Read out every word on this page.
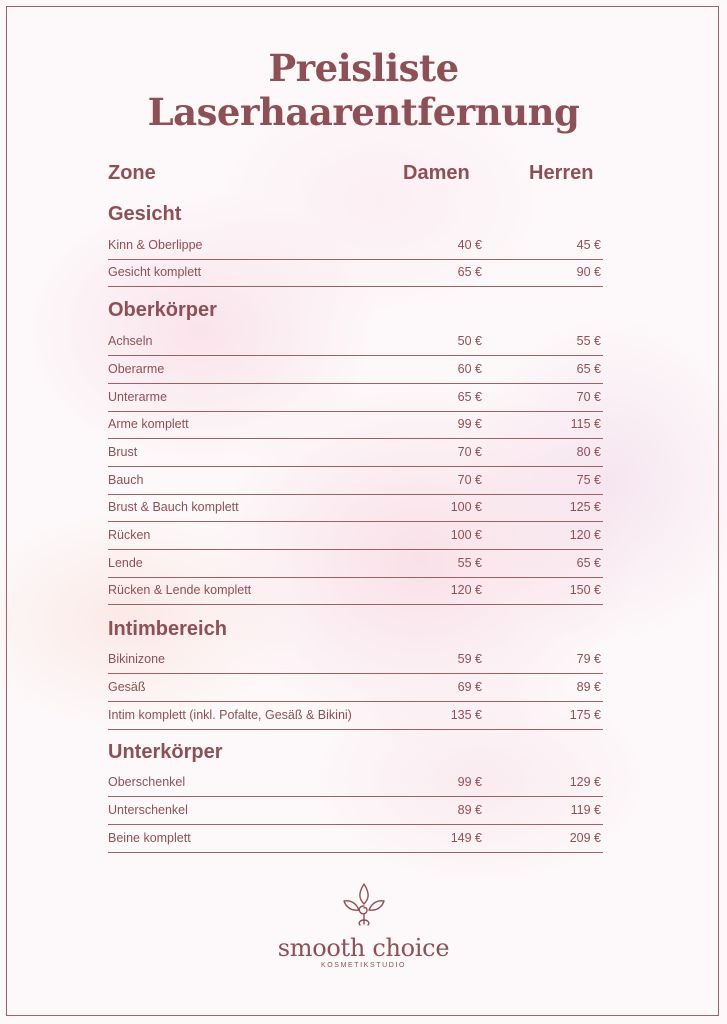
Preisliste
Laserhaarentfernung
Zone	Damen	Herren
Gesicht
Kinn & Oberlippe	40 €	45 €
Gesicht komplett	65 €	90 €
Oberkörper
Achseln	50 €	55 €
Oberarme	60 €	65 €
Unterarme	65 €	70 €
Arme komplett	99 €	115 €
Brust	70 €	80 €
Bauch	70 €	75 €
Brust & Bauch komplett	100 €	125 €
Rücken	100 €	120 €
Lende	55 €	65 €
Rücken & Lende komplett	120 €	150 €
Intimbereich
Bikinizone	59 €	79 €
Gesäß	69 €	89 €
Intim komplett (inkl. Pofalte, Gesäß & Bikini)	135 €	175 €
Unterkörper
Oberschenkel	99 €	129 €
Unterschenkel	89 €	119 €
Beine komplett	149 €	209 €
smooth choice
KOSMETIKSTUDIO
